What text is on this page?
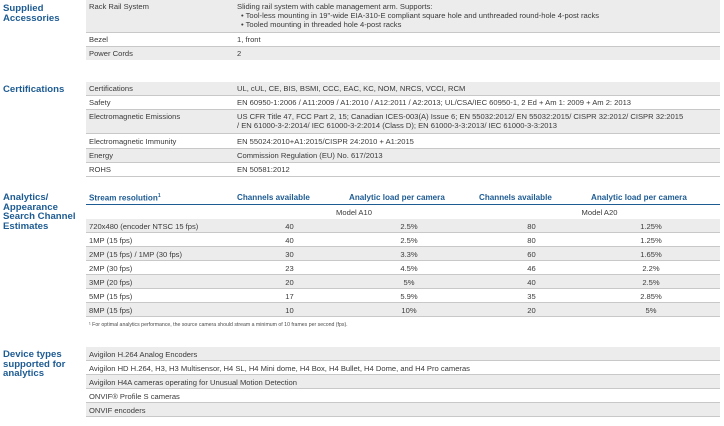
Supplied
Accessories
Rack Rail System	Sliding rail system with cable management arm. Supports:
• Tool-less mounting in 19"-wide EIA-310-E compliant square hole and unthreaded round-hole 4-post racks
• Tooled mounting in threaded hole 4-post racks
Bezel	1, front
Power Cords	2
Certifications	Certifications	UL, cUL, CE, BIS, BSMI, CCC, EAC, KC, NOM, NRCS, VCCI, RCM
Safety	EN 60950-1:2006 / A11:2009 / A1:2010 / A12:2011 / A2:2013; UL/CSA/IEC 60950-1, 2 Ed + Am 1: 2009 + Am 2: 2013
Electromagnetic Emissions	US CFR Title 47, FCC Part 2, 15; Canadian ICES-003(A) Issue 6; EN 55032:2012/ EN 55032:2015/ CISPR 32:2012/ CISPR 32:2015
/ EN 61000-3-2:2014/ IEC 61000-3-2:2014 (Class D); EN 61000-3-3:2013/ IEC 61000-3-3:2013
Electromagnetic Immunity	EN 55024:2010+A1:2015/CISPR 24:2010 + A1:2015
Energy	Commission Regulation (EU) No. 617/2013
ROHS	EN 50581:2012
Analytics/
Appearance
Search Channel
Estimates
Stream resolution$^1$	Channels available	Analytic load per camera	Channels available	Analytic load per camera
Model A10	Model A20
720x480 (encoder NTSC 15 fps)	40	2.5%	80	1.25%
1MP (15 fps)	40	2.5%	80	1.25%
2MP (15 fps) / 1MP (30 fps)	30	3.3%	60	1.65%
2MP (30 fps)	23	4.5%	46	2.2%
3MP (20 fps)	20	5%	40	2.5%
5MP (15 fps)	17	5.9%	35	2.85%
8MP (15 fps)	10	10%	20	5%
¹ For optimal analytics performance, the source camera should stream a minimum of 10 frames per second (fps).
Device types
supported for
analytics
Avigilon H.264 Analog Encoders
Avigilon HD H.264, H3, H3 Multisensor, H4 SL, H4 Mini dome, H4 Box, H4 Bullet, H4 Dome, and H4 Pro cameras
Avigilon H4A cameras operating for Unusual Motion Detection
ONVIF® Profile S cameras
ONVIF encoders
